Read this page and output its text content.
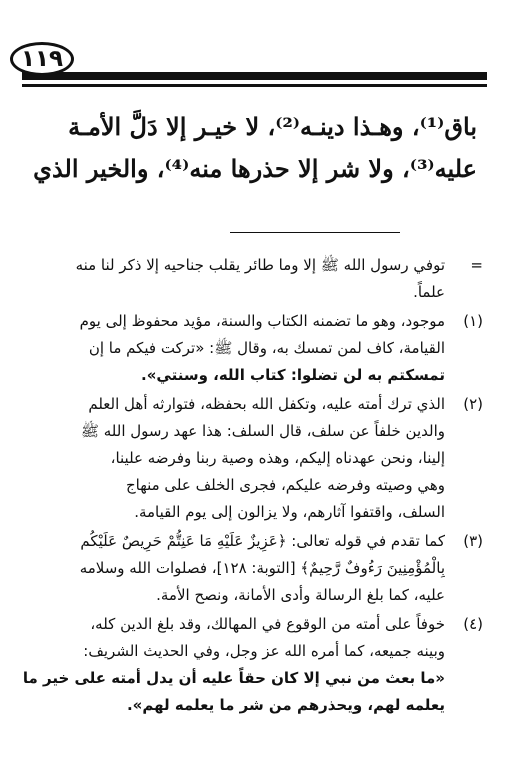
١١٩
باق⁽¹⁾، وهـذا دينـه⁽²⁾، لا خيـر إلا دَلَّ الأمـة
عليه⁽³⁾، ولا شر إلا حذرها منه⁽⁴⁾، والخير الذي
=
توفي رسول الله ﷺ إلا وما طائر يقلب جناحيه إلا ذكر لنا منه
علماً.
(١)
موجود، وهو ما تضمنه الكتاب والسنة، مؤيد محفوظ إلى يوم
القيامة، كاف لمن تمسك به، وقال ﷺ: «تركت فيكم ما إن
تمسكتم به لن تضلوا: كتاب الله، وسنتي».
(٢)
الذي ترك أمته عليه، وتكفل الله بحفظه، فتوارثه أهل العلم
والدين خلفاً عن سلف، قال السلف: هذا عهد رسول الله ﷺ
إلينا، ونحن عهدناه إليكم، وهذه وصية ربنا وفرضه علينا،
وهي وصيته وفرضه عليكم، فجرى الخلف على منهاج
السلف، واقتفوا آثارهم، ولا يزالون إلى يوم القيامة.
(٣)
كما تقدم في قوله تعالى: ﴿عَزِيزٌ عَلَيْهِ مَا عَنِتُّمْ حَرِيصٌ عَلَيْكُم
بِالْمُؤْمِنِينَ رَءُوفٌ رَّحِيمٌ﴾ [التوبة: ١٢٨]، فصلوات الله وسلامه
عليه، كما بلغ الرسالة وأدى الأمانة، ونصح الأمة.
(٤)
خوفاً على أمته من الوقوع في المهالك، وقد بلغ الدين كله،
وبينه جميعه، كما أمره الله عز وجل، وفي الحديث الشريف:
«ما بعث من نبي إلا كان حقاً عليه أن يدل أمته على خير ما
يعلمه لهم، ويحذرهم من شر ما يعلمه لهم».
